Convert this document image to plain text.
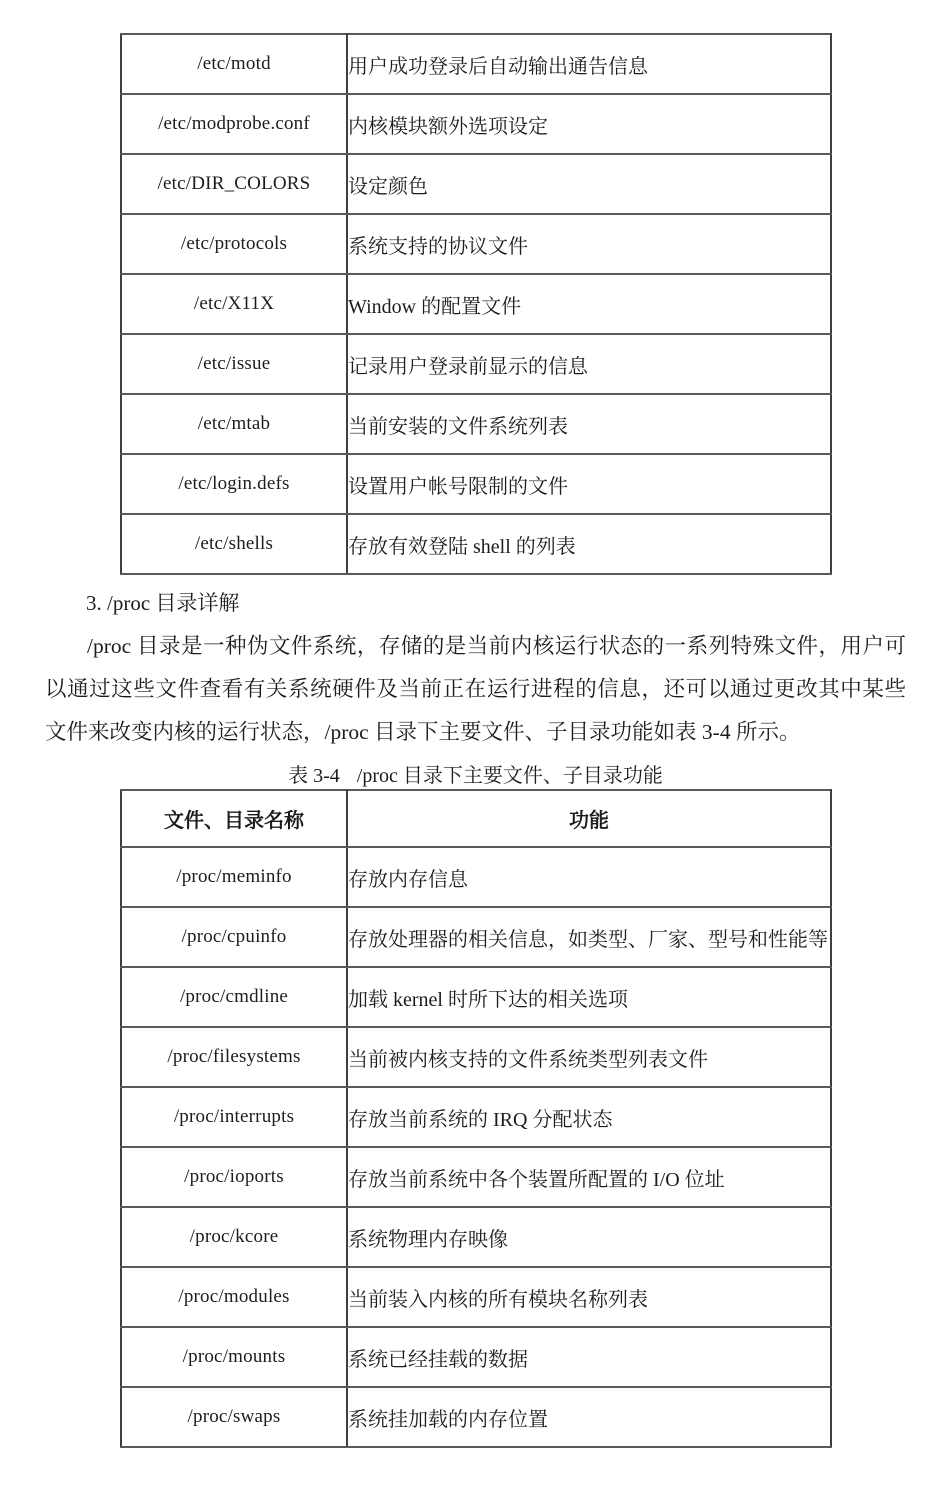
/etc/motd	用户成功登录后自动输出通告信息
/etc/modprobe.conf	内核模块额外选项设定
/etc/DIR_COLORS	设定颜色
/etc/protocols	系统支持的协议文件
/etc/X11X	Window 的配置文件
/etc/issue	记录用户登录前显示的信息
/etc/mtab	当前安装的文件系统列表
/etc/login.defs	设置用户帐号限制的文件
/etc/shells	存放有效登陆 shell 的列表
3. /proc 目录详解
/proc 目录是一种伪文件系统，存储的是当前内核运行状态的一系列特殊文件，用户可
以通过这些文件查看有关系统硬件及当前正在运行进程的信息，还可以通过更改其中某些
文件来改变内核的运行状态，/proc 目录下主要文件、子目录功能如表 3-4 所示。
表 3-4 /proc 目录下主要文件、子目录功能
文件、目录名称	功能
/proc/meminfo	存放内存信息
/proc/cpuinfo	存放处理器的相关信息，如类型、厂家、型号和性能等
/proc/cmdline	加载 kernel 时所下达的相关选项
/proc/filesystems	当前被内核支持的文件系统类型列表文件
/proc/interrupts	存放当前系统的 IRQ 分配状态
/proc/ioports	存放当前系统中各个装置所配置的 I/O 位址
/proc/kcore	系统物理内存映像
/proc/modules	当前装入内核的所有模块名称列表
/proc/mounts	系统已经挂载的数据
/proc/swaps	系统挂加载的内存位置
